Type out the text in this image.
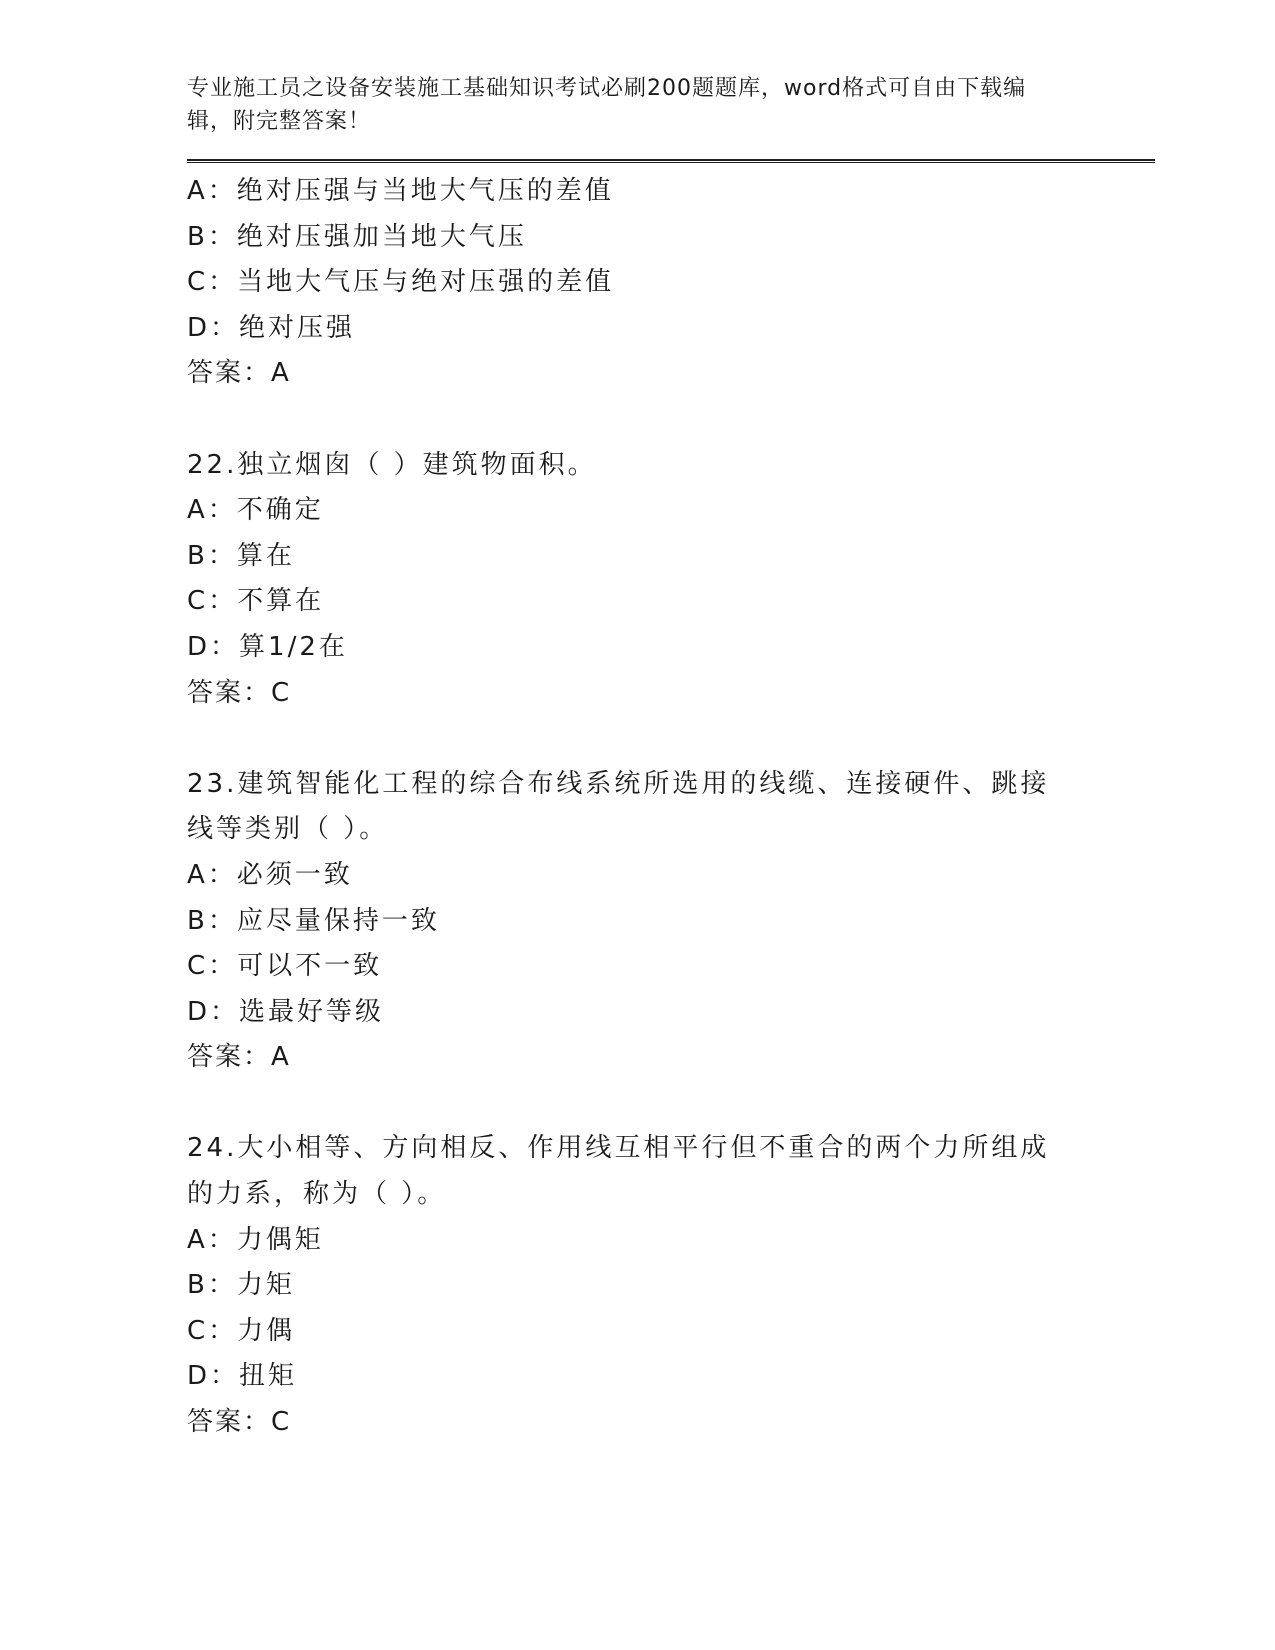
专业施工员之设备安装施工基础知识考试必刷200题题库，word格式可自由下载编辑，附完整答案！

A：绝对压强与当地大气压的差值
B：绝对压强加当地大气压
C：当地大气压与绝对压强的差值
D：绝对压强
答案：A
22.独立烟囱（ ）建筑物面积。
A：不确定
B：算在
C：不算在
D：算1/2在
答案：C
23.建筑智能化工程的综合布线系统所选用的线缆、连接硬件、跳接线等类别（ ）。
A：必须一致
B：应尽量保持一致
C：可以不一致
D：选最好等级
答案：A
24.大小相等、方向相反、作用线互相平行但不重合的两个力所组成的力系，称为（ ）。
A：力偶矩
B：力矩
C：力偶
D：扭矩
答案：C
